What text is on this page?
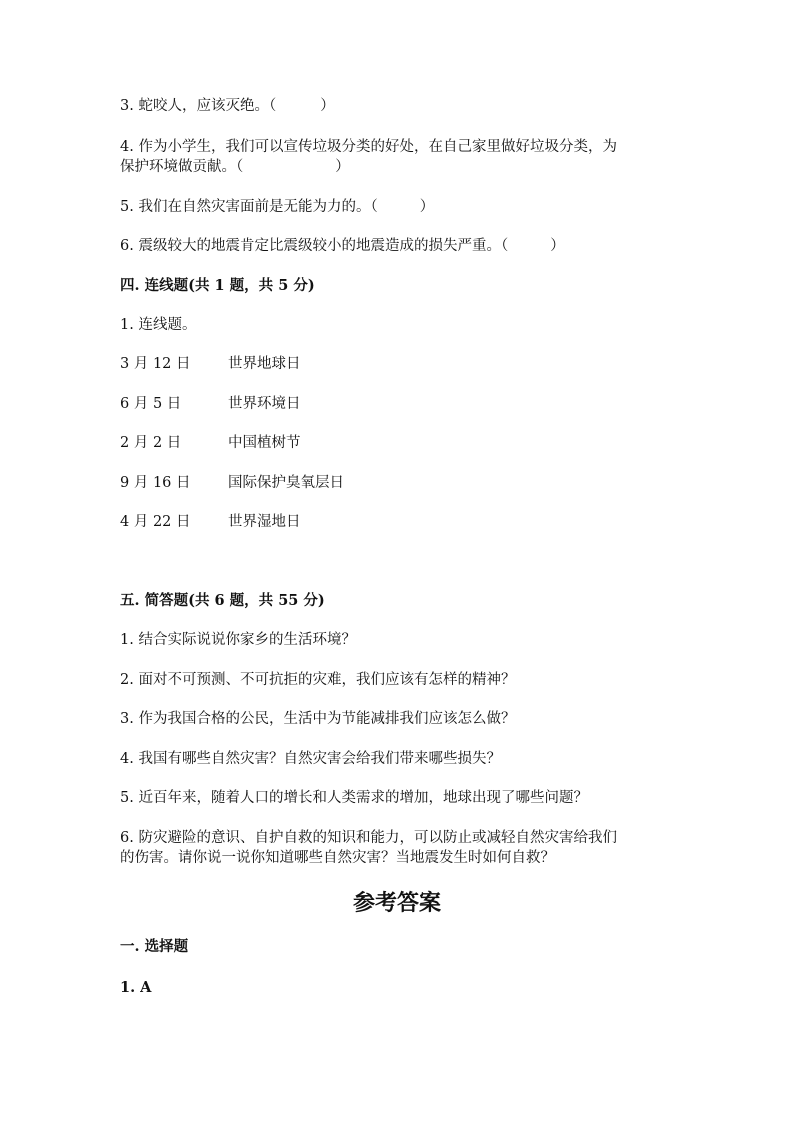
3. 蛇咬人，应该灭绝。（	）
4. 作为小学生，我们可以宣传垃圾分类的好处，在自己家里做好垃圾分类，为
保护环境做贡献。（	）
5. 我们在自然灾害面前是无能为力的。（	）
6. 震级较大的地震肯定比震级较小的地震造成的损失严重。（	）
四. 连线题(共 1 题，共 5 分)
1. 连线题。
3 月 12 日	世界地球日
6 月 5 日	世界环境日
2 月 2 日	中国植树节
9 月 16 日	国际保护臭氧层日
4 月 22 日	世界湿地日
五. 简答题(共 6 题，共 55 分)
1. 结合实际说说你家乡的生活环境？
2. 面对不可预测、不可抗拒的灾难，我们应该有怎样的精神？
3. 作为我国合格的公民，生活中为节能减排我们应该怎么做？
4. 我国有哪些自然灾害？自然灾害会给我们带来哪些损失？
5. 近百年来，随着人口的增长和人类需求的增加，地球出现了哪些问题？
6. 防灾避险的意识、自护自救的知识和能力，可以防止或减轻自然灾害给我们
的伤害。请你说一说你知道哪些自然灾害？当地震发生时如何自救？
参考答案
一. 选择题
1. A
